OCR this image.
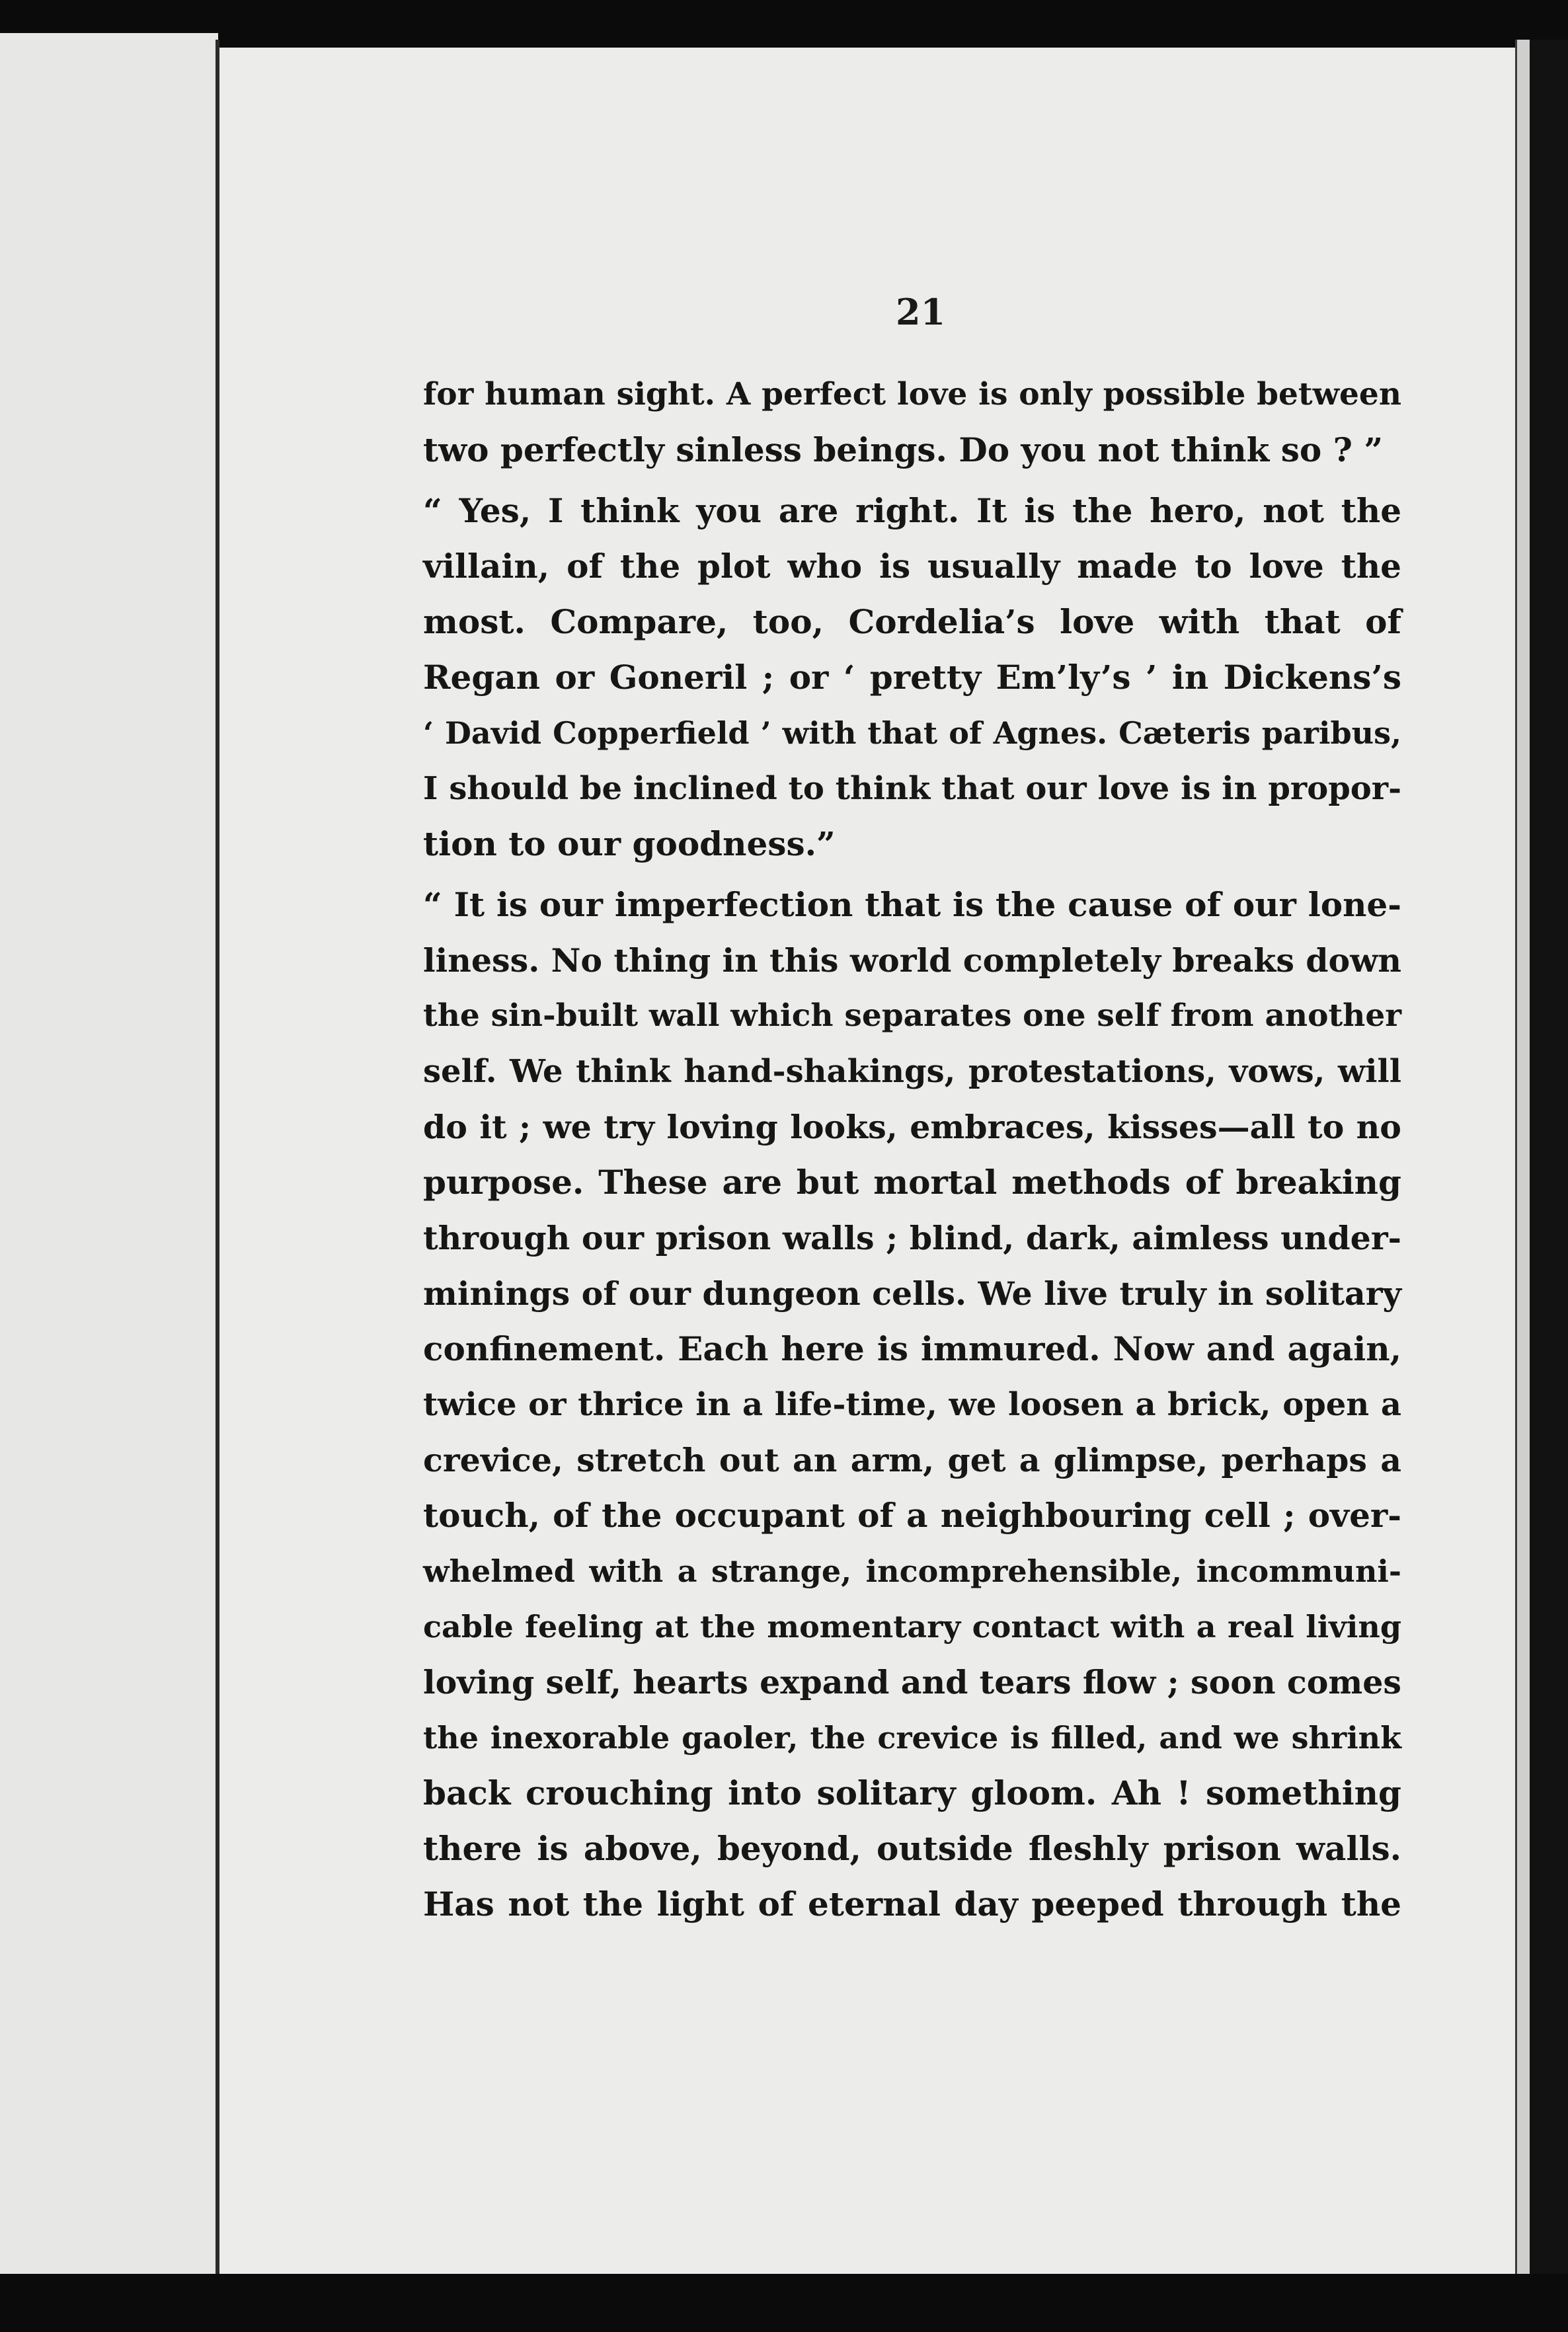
21
for human sight. A perfect love is only possible between
two perfectly sinless beings. Do you not think so ? ”
“ Yes, I think you are right. It is the hero, not the
villain, of the plot who is usually made to love the
most. Compare, too, Cordelia’s love with that of
Regan or Goneril ; or ‘ pretty Em’ly’s ’ in Dickens’s
‘ David Copperfield ’ with that of Agnes. Cæteris paribus,
I should be inclined to think that our love is in propor-
tion to our goodness.”
“ It is our imperfection that is the cause of our lone-
liness. No thing in this world completely breaks down
the sin-built wall which separates one self from another
self. We think hand-shakings, protestations, vows, will
do it ; we try loving looks, embraces, kisses—all to no
purpose. These are but mortal methods of breaking
through our prison walls ; blind, dark, aimless under-
minings of our dungeon cells. We live truly in solitary
confinement. Each here is immured. Now and again,
twice or thrice in a life-time, we loosen a brick, open a
crevice, stretch out an arm, get a glimpse, perhaps a
touch, of the occupant of a neighbouring cell ; over-
whelmed with a strange, incomprehensible, incommuni-
cable feeling at the momentary contact with a real living
loving self, hearts expand and tears flow ; soon comes
the inexorable gaoler, the crevice is filled, and we shrink
back crouching into solitary gloom. Ah ! something
there is above, beyond, outside fleshly prison walls.
Has not the light of eternal day peeped through the
